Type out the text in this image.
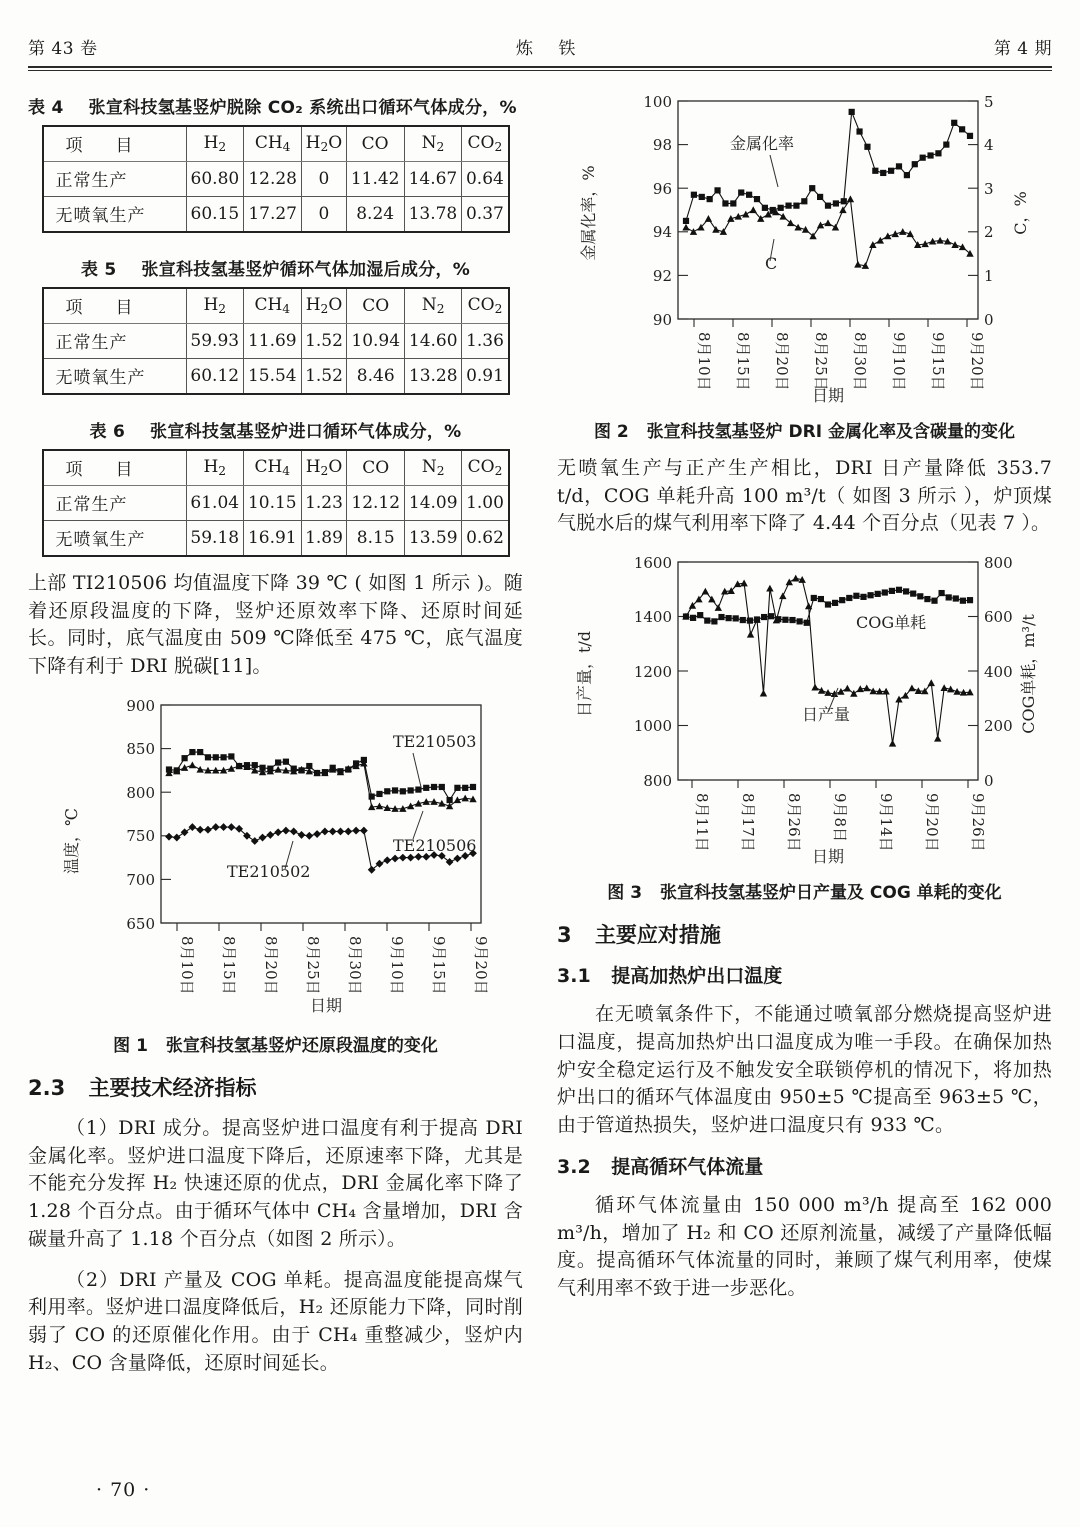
第 43 卷	炼 铁	第 4 期
表 4 张宣科技氢基竖炉脱除 CO₂ 系统出口循环气体成分，%
项　目	$H_2$	$CH_4$	$H_2O$	CO	$N_2$	$CO_2$
正常生产	60.80	12.28	0	11.42	14.67	0.64
无喷氧生产	60.15	17.27	0	8.24	13.78	0.37
表 5 张宣科技氢基竖炉循环气体加湿后成分，%
项　目	$H_2$	$CH_4$	$H_2O$	CO	$N_2$	$CO_2$
正常生产	59.93	11.69	1.52	10.94	14.60	1.36
无喷氧生产	60.12	15.54	1.52	8.46	13.28	0.91
表 6 张宣科技氢基竖炉进口循环气体成分，%
项　目	$H_2$	$CH_4$	$H_2O$	CO	$N_2$	$CO_2$
正常生产	61.04	10.15	1.23	12.12	14.09	1.00
无喷氧生产	59.18	16.91	1.89	8.15	13.59	0.62

上部 TI210506 均值温度下降 39 ℃ ( 如图 1 所示 )。随着还原段温度的下降，竖炉还原效率下降、还原时间延长。同时，底气温度由 509 ℃降低至 475 ℃，底气温度下降有利于 DRI 脱碳[11]。

650
700
750
800
850
900
温度，℃
8月10日 8月15日 8月20日 8月25日 8月30日 9月10日 9月15日 9月20日
日期
TE210503
TE210506
TE210502
图 1 张宣科技氢基竖炉还原段温度的变化
2.3 主要技术经济指标

（1）DRI 成分。提高竖炉进口温度有利于提高 DRI 金属化率。竖炉进口温度下降后，还原速率下降，尤其是不能充分发挥 H₂ 快速还原的优点，DRI 金属化率下降了 1.28 个百分点。由于循环气体中 CH₄ 含量增加，DRI 含碳量升高了 1.18 个百分点（如图 2 所示）。

（2）DRI 产量及 COG 单耗。提高温度能提高煤气利用率。竖炉进口温度降低后，H₂ 还原能力下降，同时削弱了 CO 的还原催化作用。由于 CH₄ 重整减少，竖炉内 H₂、CO 含量降低，还原时间延长。

90
92
94
96
98
100
金属化率，%
0
1
2
3
4
5
C，%
8月10日 8月15日 8月20日 8月25日 8月30日 9月10日 9月15日 9月20日
日期
金属化率
C
图 2 张宣科技氢基竖炉 DRI 金属化率及含碳量的变化

无喷氧生产与正产生产相比，DRI 日产量降低 353.7 t/d，COG 单耗升高 100 m³/t（ 如图 3 所示 ），炉顶煤气脱水后的煤气利用率下降了 4.44 个百分点（见表 7 ）。

800
1000
1200
1400
1600
日产量，t/d
0
200
400
600
800
COG单耗，m³/t
8月11日 8月17日 8月26日 9月8日 9月14日 9月20日 9月26日
日期
COG单耗
日产量
图 3 张宣科技氢基竖炉日产量及 COG 单耗的变化
3 主要应对措施
3.1 提高加热炉出口温度

在无喷氧条件下，不能通过喷氧部分燃烧提高竖炉进口温度，提高加热炉出口温度成为唯一手段。在确保加热炉安全稳定运行及不触发安全联锁停机的情况下，将加热炉出口的循环气体温度由 950±5 ℃提高至 963±5 ℃，由于管道热损失，竖炉进口温度只有 933 ℃。

3.2 提高循环气体流量

循环气体流量由 150 000 m³/h 提高至 162 000 m³/h，增加了 H₂ 和 CO 还原剂流量，减缓了产量降低幅度。提高循环气体流量的同时，兼顾了煤气利用率，使煤气利用率不致于进一步恶化。

· 70 ·
